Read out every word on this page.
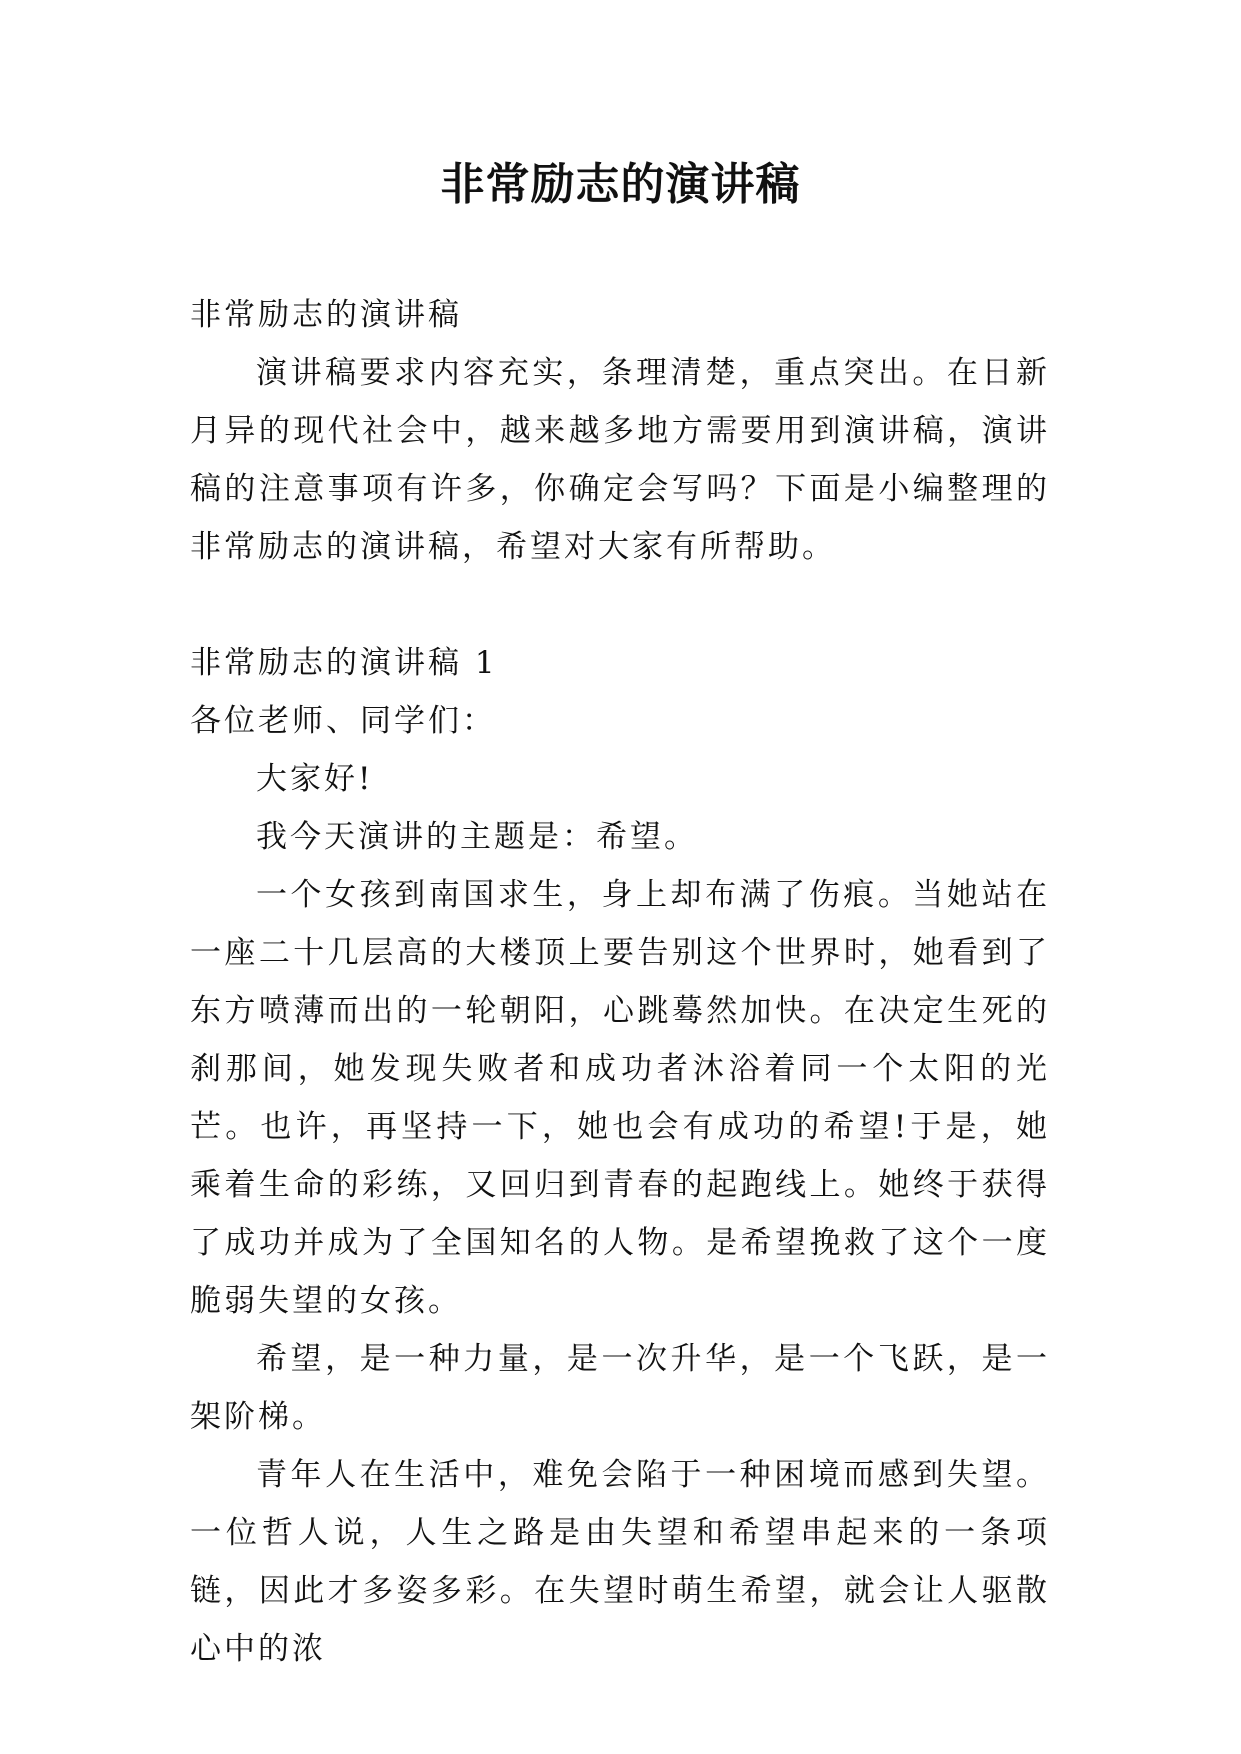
非常励志的演讲稿

非常励志的演讲稿

演讲稿要求内容充实，条理清楚，重点突出。在日新月异的现代社会中，越来越多地方需要用到演讲稿，演讲稿的注意事项有许多，你确定会写吗？下面是小编整理的非常励志的演讲稿，希望对大家有所帮助。

非常励志的演讲稿 1

各位老师、同学们：

大家好!

我今天演讲的主题是：希望。

一个女孩到南国求生，身上却布满了伤痕。当她站在一座二十几层高的大楼顶上要告别这个世界时，她看到了东方喷薄而出的一轮朝阳，心跳蓦然加快。在决定生死的刹那间，她发现失败者和成功者沐浴着同一个太阳的光芒。也许，再坚持一下，她也会有成功的希望!于是，她乘着生命的彩练，又回归到青春的起跑线上。她终于获得了成功并成为了全国知名的人物。是希望挽救了这个一度脆弱失望的女孩。

希望，是一种力量，是一次升华，是一个飞跃，是一架阶梯。

青年人在生活中，难免会陷于一种困境而感到失望。一位哲人说，人生之路是由失望和希望串起来的一条项链，因此才多姿多彩。在失望时萌生希望，就会让人驱散心中的浓
